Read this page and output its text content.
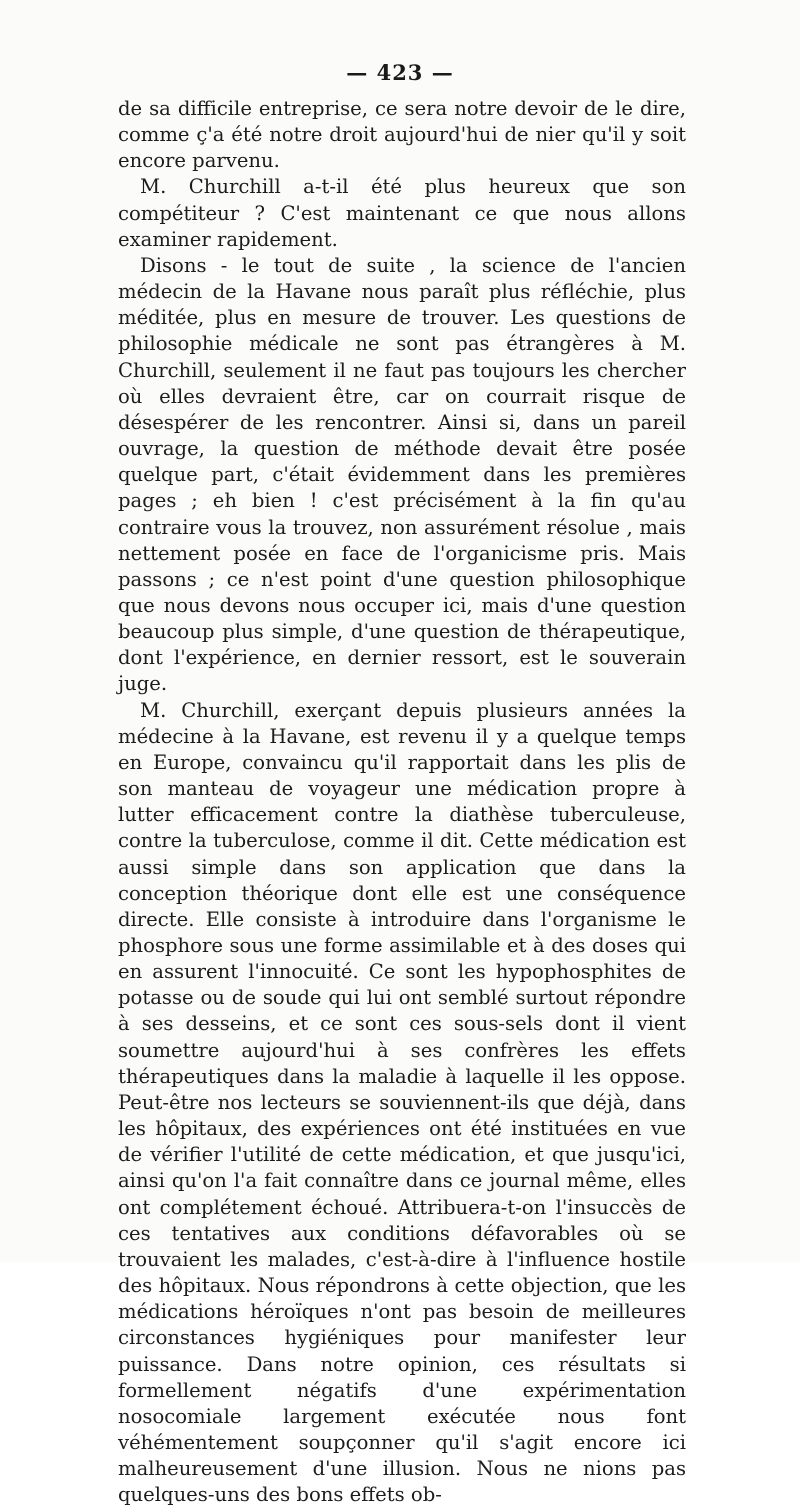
— 423 —

de sa difficile entreprise, ce sera notre devoir de le dire, comme ç'a été notre droit aujourd'hui de nier qu'il y soit encore parvenu.

M. Churchill a-t-il été plus heureux que son compétiteur ? C'est maintenant ce que nous allons examiner rapidement.

Disons - le tout de suite , la science de l'ancien médecin de la Havane nous paraît plus réfléchie, plus méditée, plus en mesure de trouver. Les questions de philosophie médicale ne sont pas étrangères à M. Churchill, seulement il ne faut pas toujours les chercher où elles devraient être, car on courrait risque de désespérer de les rencontrer. Ainsi si, dans un pareil ouvrage, la question de méthode devait être posée quelque part, c'était évidemment dans les premières pages ; eh bien ! c'est précisément à la fin qu'au contraire vous la trouvez, non assurément résolue , mais nettement posée en face de l'organicisme pris. Mais passons ; ce n'est point d'une question philosophique que nous devons nous occuper ici, mais d'une question beaucoup plus simple, d'une question de thérapeutique, dont l'expérience, en dernier ressort, est le souverain juge.

M. Churchill, exerçant depuis plusieurs années la médecine à la Havane, est revenu il y a quelque temps en Europe, convaincu qu'il rapportait dans les plis de son manteau de voyageur une médication propre à lutter efficacement contre la diathèse tuberculeuse, contre la tuberculose, comme il dit. Cette médication est aussi simple dans son application que dans la conception théorique dont elle est une conséquence directe. Elle consiste à introduire dans l'organisme le phosphore sous une forme assimilable et à des doses qui en assurent l'innocuité. Ce sont les hypophosphites de potasse ou de soude qui lui ont semblé surtout répondre à ses desseins, et ce sont ces sous-sels dont il vient soumettre aujourd'hui à ses confrères les effets thérapeutiques dans la maladie à laquelle il les oppose. Peut-être nos lecteurs se souviennent-ils que déjà, dans les hôpitaux, des expériences ont été instituées en vue de vérifier l'utilité de cette médication, et que jusqu'ici, ainsi qu'on l'a fait connaître dans ce journal même, elles ont complétement échoué. Attribuera-t-on l'insuccès de ces tentatives aux conditions défavorables où se trouvaient les malades, c'est-à-dire à l'influence hostile des hôpitaux. Nous répondrons à cette objection, que les médications héroïques n'ont pas besoin de meilleures circonstances hygiéniques pour manifester leur puissance. Dans notre opinion, ces résultats si formellement négatifs d'une expérimentation nosocomiale largement exécutée nous font véhémentement soupçonner qu'il s'agit encore ici malheureusement d'une illusion. Nous ne nions pas quelques-uns des bons effets ob-
